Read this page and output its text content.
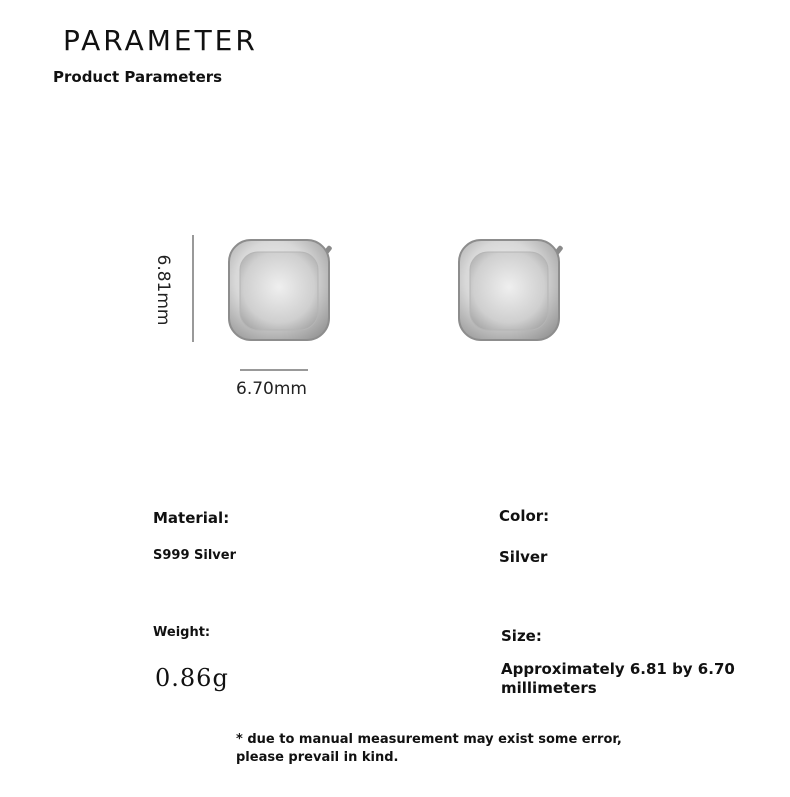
PARAMETER
Product Parameters
6.81mm
6.70mm
Material:
S999 Silver
Color:
Silver
Weight:
0.86g
Size:
Approximately 6.81 by 6.70 millimeters
* due to manual measurement may exist some error,
please prevail in kind.
